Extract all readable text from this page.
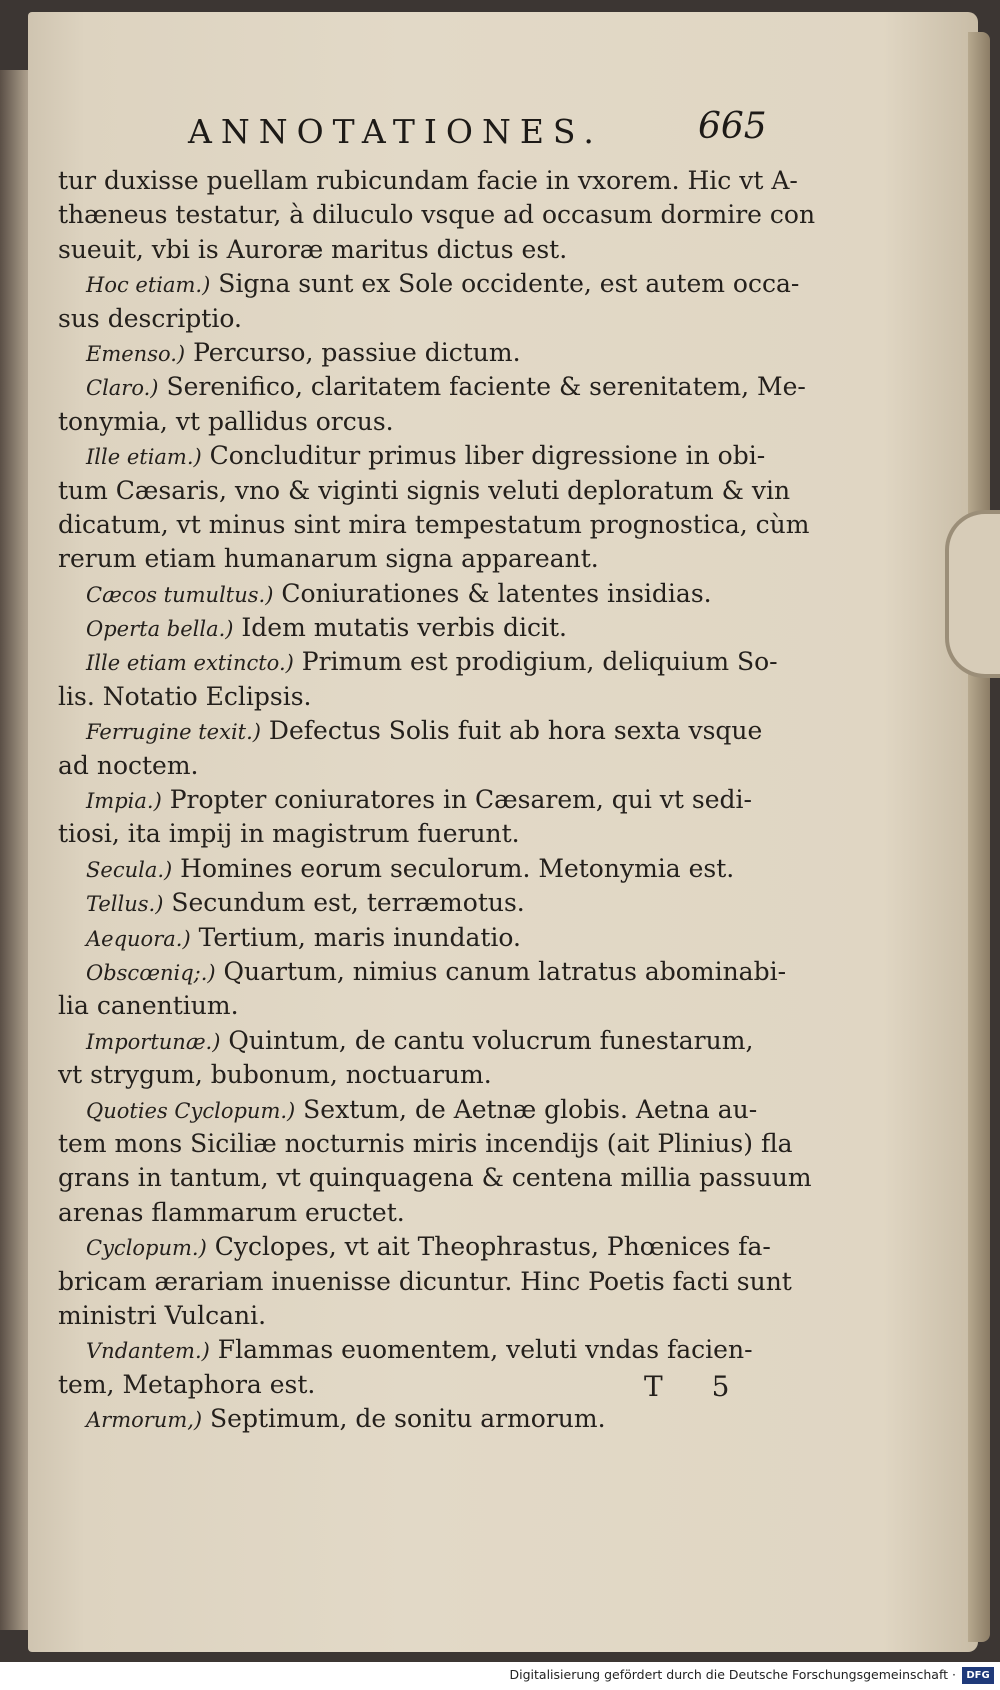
ANNOTATIONES.	665
tur duxisse puellam rubicundam facie in vxorem. Hic vt A-
thæneus testatur, à diluculo vsque ad occasum dormire con
sueuit, vbi is Auroræ maritus dictus est.
Hoc etiam.) Signa sunt ex Sole occidente, est autem occa-
sus descriptio.
Emenso.) Percurso, passiue dictum.
Claro.) Serenifico, claritatem faciente & serenitatem, Me-
tonymia, vt pallidus orcus.
Ille etiam.) Concluditur primus liber digressione in obi-
tum Cæsaris, vno & viginti signis veluti deploratum & vin
dicatum, vt minus sint mira tempestatum prognostica, cùm
rerum etiam humanarum signa appareant.
Cæcos tumultus.) Coniurationes & latentes insidias.
Operta bella.) Idem mutatis verbis dicit.
Ille etiam extincto.) Primum est prodigium, deliquium So-
lis. Notatio Eclipsis.
Ferrugine texit.) Defectus Solis fuit ab hora sexta vsque
ad noctem.
Impia.) Propter coniuratores in Cæsarem, qui vt sedi-
tiosi, ita impij in magistrum fuerunt.
Secula.) Homines eorum seculorum. Metonymia est.
Tellus.) Secundum est, terræmotus.
Aequora.) Tertium, maris inundatio.
Obscœniq;.) Quartum, nimius canum latratus abominabi-
lia canentium.
Importunæ.) Quintum, de cantu volucrum funestarum,
vt strygum, bubonum, noctuarum.
Quoties Cyclopum.) Sextum, de Aetnæ globis. Aetna au-
tem mons Siciliæ nocturnis miris incendijs (ait Plinius) fla
grans in tantum, vt quinquagena & centena millia passuum
arenas flammarum eructet.
Cyclopum.) Cyclopes, vt ait Theophrastus, Phœnices fa-
bricam ærariam inuenisse dicuntur. Hinc Poetis facti sunt
ministri Vulcani.
Vndantem.) Flammas euomentem, veluti vndas facien-
tem, Metaphora est.
Armorum,) Septimum, de sonitu armorum.
T 5
Digitalisierung gefördert durch die Deutsche Forschungsgemeinschaft ·	DFG
